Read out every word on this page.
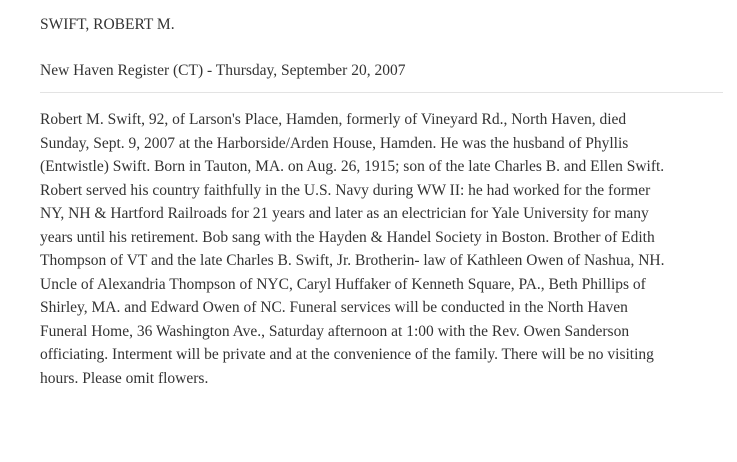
SWIFT, ROBERT M.
New Haven Register (CT) - Thursday, September 20, 2007
Robert M. Swift, 92, of Larson's Place, Hamden, formerly of Vineyard Rd., North Haven, died
Sunday, Sept. 9, 2007 at the Harborside/Arden House, Hamden. He was the husband of Phyllis
(Entwistle) Swift. Born in Tauton, MA. on Aug. 26, 1915; son of the late Charles B. and Ellen Swift.
Robert served his country faithfully in the U.S. Navy during WW II: he had worked for the former
NY, NH & Hartford Railroads for 21 years and later as an electrician for Yale University for many
years until his retirement. Bob sang with the Hayden & Handel Society in Boston. Brother of Edith
Thompson of VT and the late Charles B. Swift, Jr. Brotherin- law of Kathleen Owen of Nashua, NH.
Uncle of Alexandria Thompson of NYC, Caryl Huffaker of Kenneth Square, PA., Beth Phillips of
Shirley, MA. and Edward Owen of NC. Funeral services will be conducted in the North Haven
Funeral Home, 36 Washington Ave., Saturday afternoon at 1:00 with the Rev. Owen Sanderson
officiating. Interment will be private and at the convenience of the family. There will be no visiting
hours. Please omit flowers.
